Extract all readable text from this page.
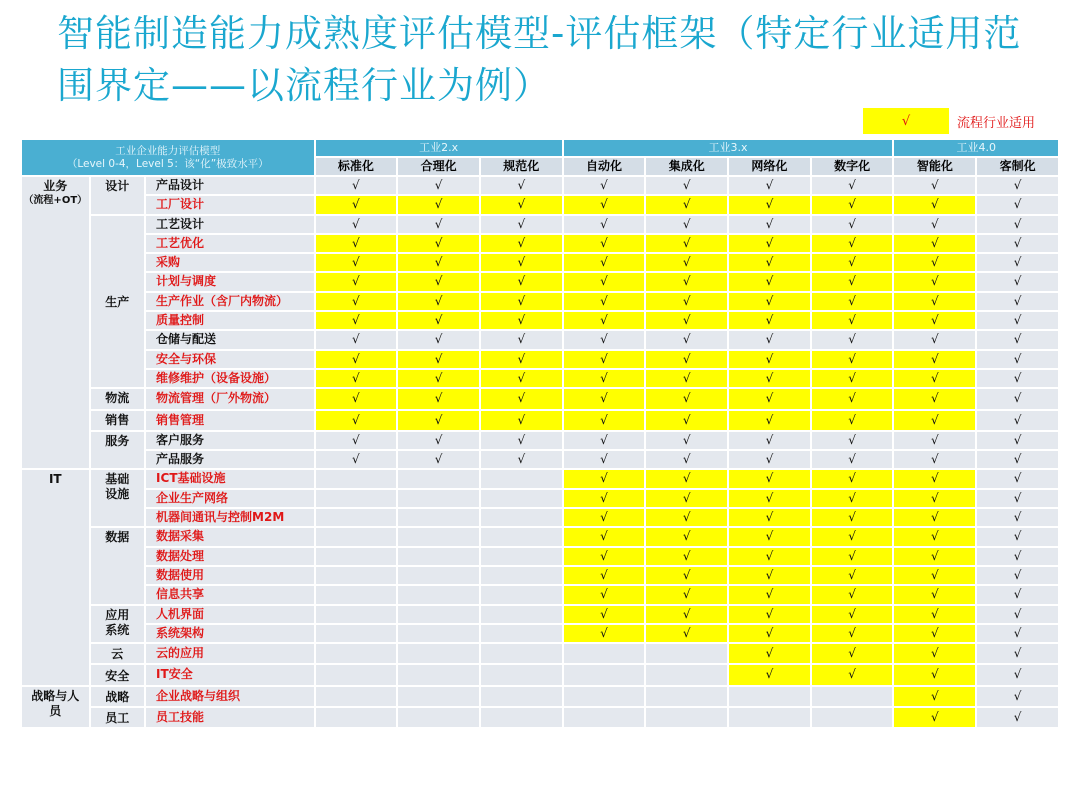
智能制造能力成熟度评估模型-评估框架（特定行业适用范围界定——以流程行业为例）
√	流程行业适用
工业企业能力评估模型
（Level 0-4，Level 5：该“化”极致水平）			工业2.x			工业3.x				工业4.0	
			标准化	合理化	规范化	自动化	集成化	网络化	数字化	智能化	客制化

业务
（流程+OT）	设计	产品设计	√	√	√	√	√	√	√	√	√
		工厂设计	√	√	√	√	√	√	√	√	√
	生产	工艺设计	√	√	√	√	√	√	√	√	√
		工艺优化	√	√	√	√	√	√	√	√	√
		采购	√	√	√	√	√	√	√	√	√
		计划与调度	√	√	√	√	√	√	√	√	√
		生产作业（含厂内物流）	√	√	√	√	√	√	√	√	√
		质量控制	√	√	√	√	√	√	√	√	√
		仓储与配送	√	√	√	√	√	√	√	√	√
		安全与环保	√	√	√	√	√	√	√	√	√
		维修维护（设备设施）	√	√	√	√	√	√	√	√	√
	物流	物流管理（厂外物流）	√	√	√	√	√	√	√	√	√
	销售	销售管理	√	√	√	√	√	√	√	√	√
	服务	客户服务	√	√	√	√	√	√	√	√	√
		产品服务	√	√	√	√	√	√	√	√	√

IT	基础设施	ICT基础设施				√	√	√	√	√	√
		企业生产网络				√	√	√	√	√	√
		机器间通讯与控制M2M				√	√	√	√	√	√
	数据	数据采集				√	√	√	√	√	√
		数据处理				√	√	√	√	√	√
		数据使用				√	√	√	√	√	√
		信息共享				√	√	√	√	√	√
	应用系统	人机界面				√	√	√	√	√	√
		系统架构				√	√	√	√	√	√
	云	云的应用						√	√	√	√
	安全	IT安全						√	√	√	√

战略与人员	战略	企业战略与组织								√	√
	员工	员工技能								√	√
